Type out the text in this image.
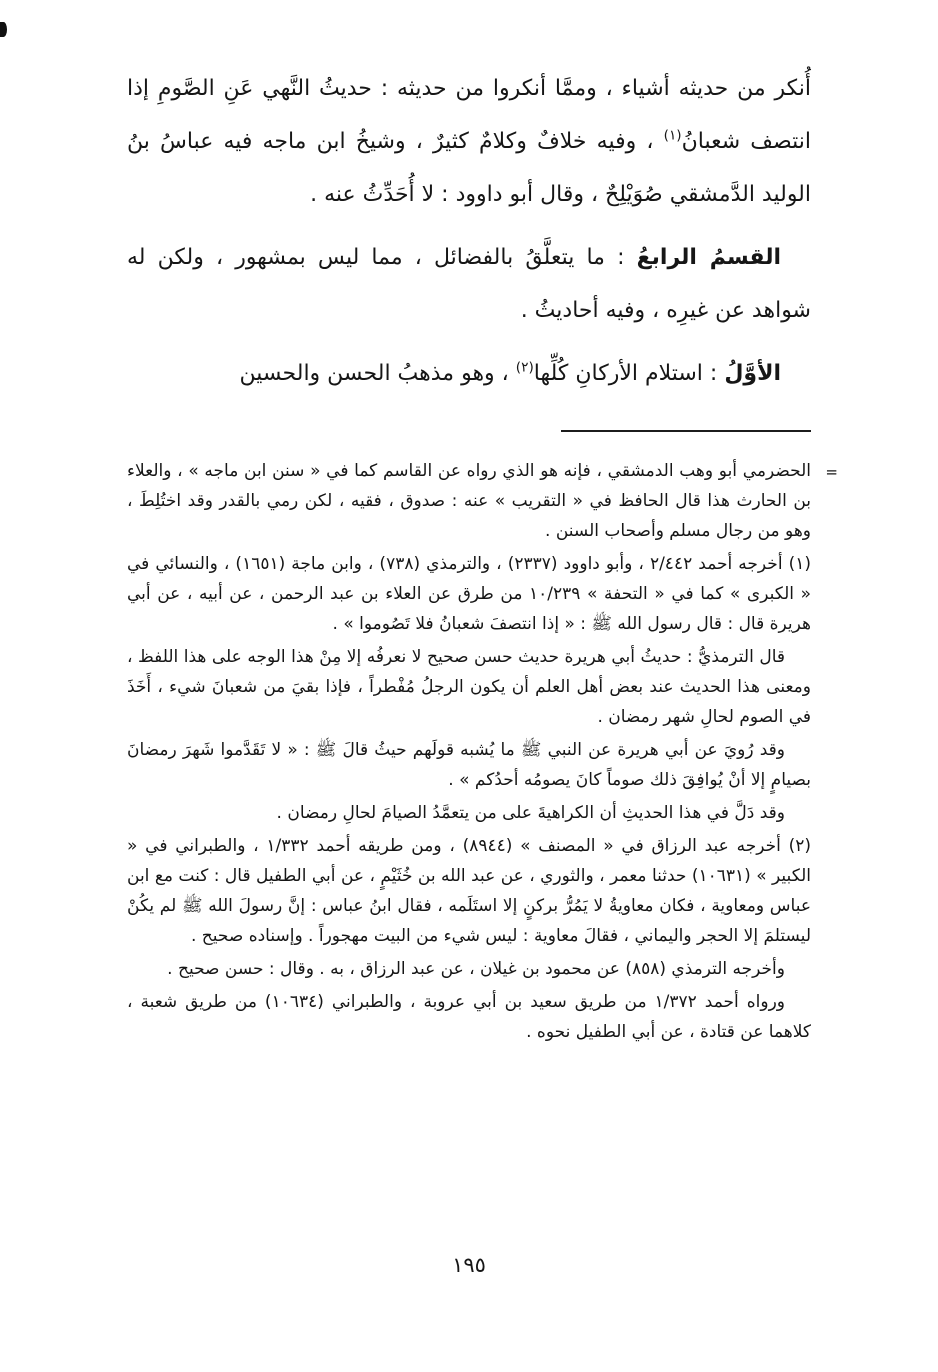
أُنكر من حديثه أشياء ، وممَّا أنكروا من حديثه : حديثُ النَّهي عَنِ الصَّومِ إذا انتصف شعبانُ$^{(١)}$ ، وفيه خلافٌ وكلامٌ كثيرٌ ، وشيخُ ابن ماجه فيه عباسُ بنُ الوليد الدَّمشقي صُوَيْلِحٌ ، وقال أبو داوود : لا أُحَدِّثُ عنه .

القسمُ الرابعُ : ما يتعلَّقُ بالفضائل ، مما ليس بمشهور ، ولكن له شواهد عن غيرِه ، وفيه أحاديثُ .

الأوَّلُ : استلام الأركانِ كُلِّها$^{(٢)}$ ، وهو مذهبُ الحسن والحسين

=
الحضرمي أبو وهب الدمشقي ، فإنه هو الذي رواه عن القاسم كما في « سنن ابن ماجه » ، والعلاء بن الحارث هذا قال الحافظ في « التقريب » عنه : صدوق ، فقيه ، لكن رمي بالقدر وقد اختُلِطَ ، وهو من رجال مسلم وأصحاب السنن .

(١) أخرجه أحمد ٢/٤٤٢ ، وأبو داوود (٢٣٣٧) ، والترمذي (٧٣٨) ، وابن ماجة (١٦٥١) ، والنسائي في « الكبرى » كما في « التحفة » ١٠/٢٣٩ من طرق عن العلاء بن عبد الرحمن ، عن أبيه ، عن أبي هريرة قال : قال رسول الله ﷺ : « إذا انتصفَ شعبانُ فلا تَصُوموا » .

قال الترمذيُّ : حديثُ أبي هريرة حديث حسن صحيح لا نعرفُه إلا مِنْ هذا الوجه على هذا اللفظ ، ومعنى هذا الحديث عند بعض أهل العلم أن يكون الرجلُ مُفْطراً ، فإذا بقيَ من شعبانَ شيء ، أَخَذَ في الصوم لحالِ شهر رمضان .

وقد رُويَ عن أبي هريرة عن النبي ﷺ ما يُشبه قولَهم حيثُ قالَ ﷺ : « لا تَقَدَّموا شَهرَ رمضانَ بصيامٍ إلا أنْ يُوافِقَ ذلك صوماً كانَ يصومُه أحدُكم » .

وقد دَلَّ في هذا الحديثِ أن الكراهيةَ على من يتعمَّدُ الصيامَ لحالِ رمضان .

(٢) أخرجه عبد الرزاق في « المصنف » (٨٩٤٤) ، ومن طريقه أحمد ١/٣٣٢ ، والطبراني في « الكبير » (١٠٦٣١) حدثنا معمر ، والثوري ، عن عبد الله بن خُثَيْمٍ ، عن أبي الطفيل قال : كنت مع ابن عباس ومعاوية ، فكان معاويةُ لا يَمُرُّ بركنٍ إلا استَلَمه ، فقال ابنُ عباس : إنَّ رسولَ الله ﷺ لم يكُنْ ليستلمَ إلا الحجر واليماني ، فقالَ معاوية : ليس شيء من البيت مهجوراً . وإسناده صحيح .

وأخرجه الترمذي (٨٥٨) عن محمود بن غيلان ، عن عبد الرزاق ، به . وقال : حسن صحيح .

ورواه أحمد ١/٣٧٢ من طريق سعيد بن أبي عروبة ، والطبراني (١٠٦٣٤) من طريق شعبة ، كلاهما عن قتادة ، عن أبي الطفيل نحوه .

١٩٥
